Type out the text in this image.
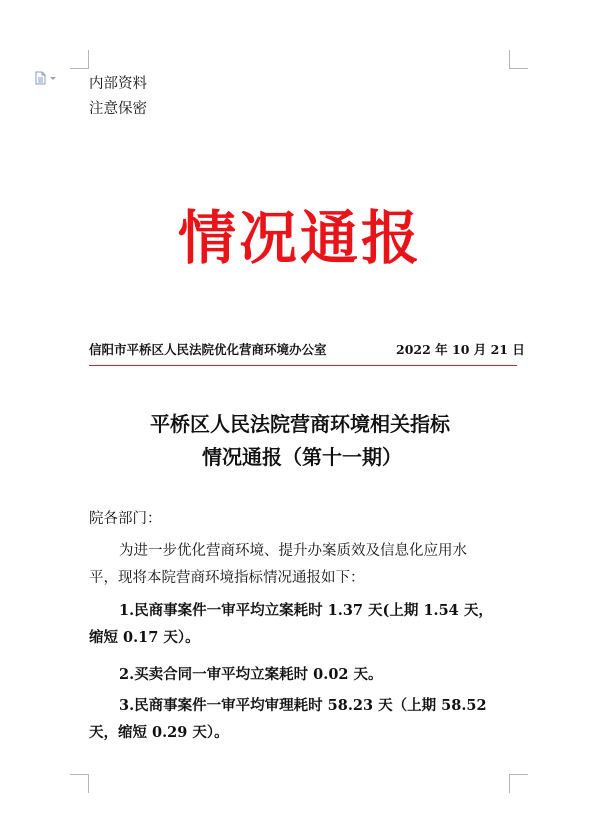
内部资料
注意保密
情况通报
信阳市平桥区人民法院优化营商环境办公室	2022 年 10 月 21 日
平桥区人民法院营商环境相关指标
情况通报（第十一期）
院各部门：
为进一步优化营商环境、提升办案质效及信息化应用水
平，现将本院营商环境指标情况通报如下：
1.民商事案件一审平均立案耗时 1.37 天(上期 1.54 天，
缩短 0.17 天）。
2.买卖合同一审平均立案耗时 0.02 天。
3.民商事案件一审平均审理耗时 58.23 天（上期 58.52
天，缩短 0.29 天）。
